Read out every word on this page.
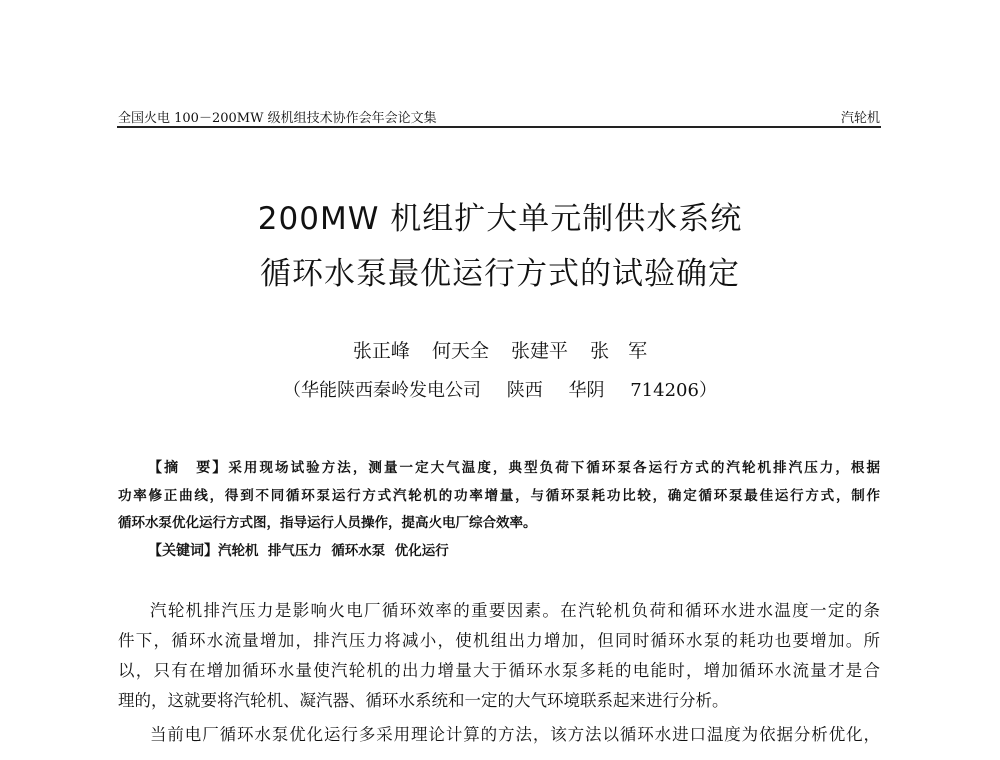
全国火电 100－200MW 级机组技术协作会年会论文集	汽轮机
200MW 机组扩大单元制供水系统
循环水泵最优运行方式的试验确定
张正峰 何天全 张建平 张　军
（华能陕西秦岭发电公司 陕西 华阴 714206）
【摘　要】采用现场试验方法，测量一定大气温度，典型负荷下循环泵各运行方式的汽轮机排汽压力，根据
功率修正曲线，得到不同循环泵运行方式汽轮机的功率增量，与循环泵耗功比较，确定循环泵最佳运行方式，制作
循环水泵优化运行方式图，指导运行人员操作，提高火电厂综合效率。
【关键词】汽轮机 排气压力 循环水泵 优化运行
汽轮机排汽压力是影响火电厂循环效率的重要因素。在汽轮机负荷和循环水进水温度一定的条
件下，循环水流量增加，排汽压力将减小，使机组出力增加，但同时循环水泵的耗功也要增加。所
以，只有在增加循环水量使汽轮机的出力增量大于循环水泵多耗的电能时，增加循环水流量才是合
理的，这就要将汽轮机、凝汽器、循环水系统和一定的大气环境联系起来进行分析。
当前电厂循环水泵优化运行多采用理论计算的方法，该方法以循环水进口温度为依据分析优化，
